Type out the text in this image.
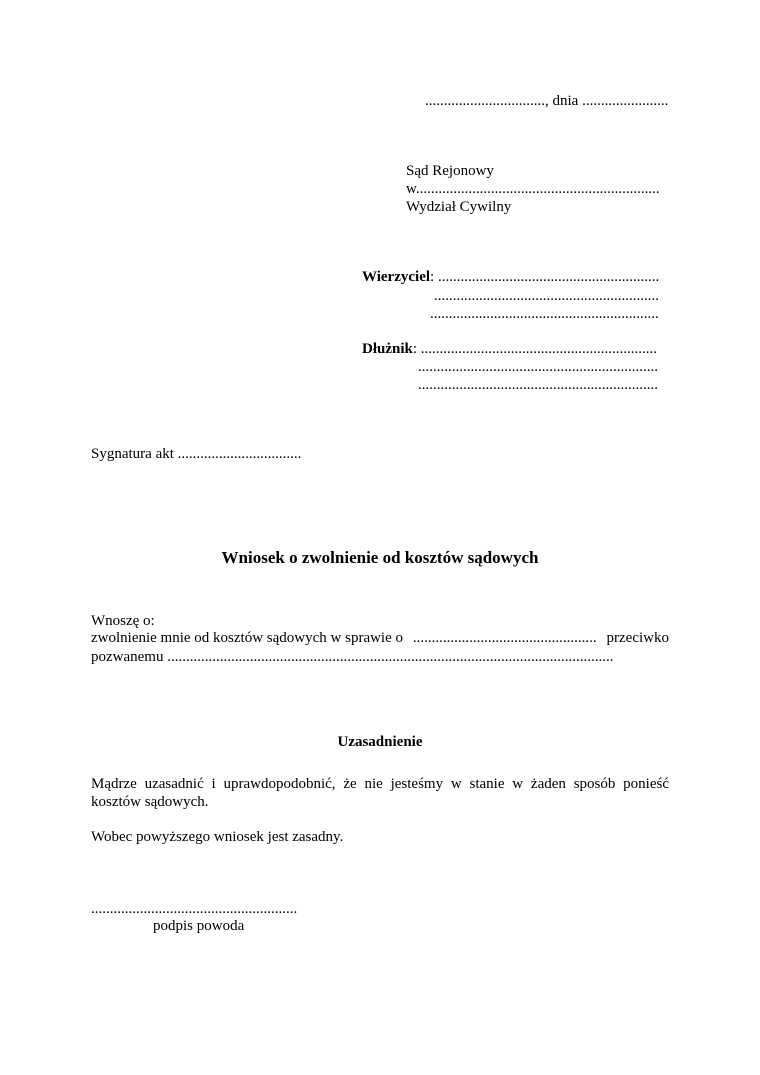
................................, dnia .......................
Sąd Rejonowy
w.................................................................
Wydział Cywilny
Wierzyciel: ...........................................................
............................................................
.............................................................
Dłużnik: ...............................................................
................................................................
................................................................
Sygnatura akt .................................
Wniosek o zwolnienie od kosztów sądowych
Wnoszę o:
zwolnienie mnie od kosztów sądowych w sprawie o ................................................. przeciwko
pozwanemu .......................................................................................................................
Uzasadnienie
Mądrze uzasadnić i uprawdopodobnić, że nie jesteśmy w stanie w żaden sposób ponieść kosztów sądowych.
Wobec powyższego wniosek jest zasadny.
.......................................................
podpis powoda
